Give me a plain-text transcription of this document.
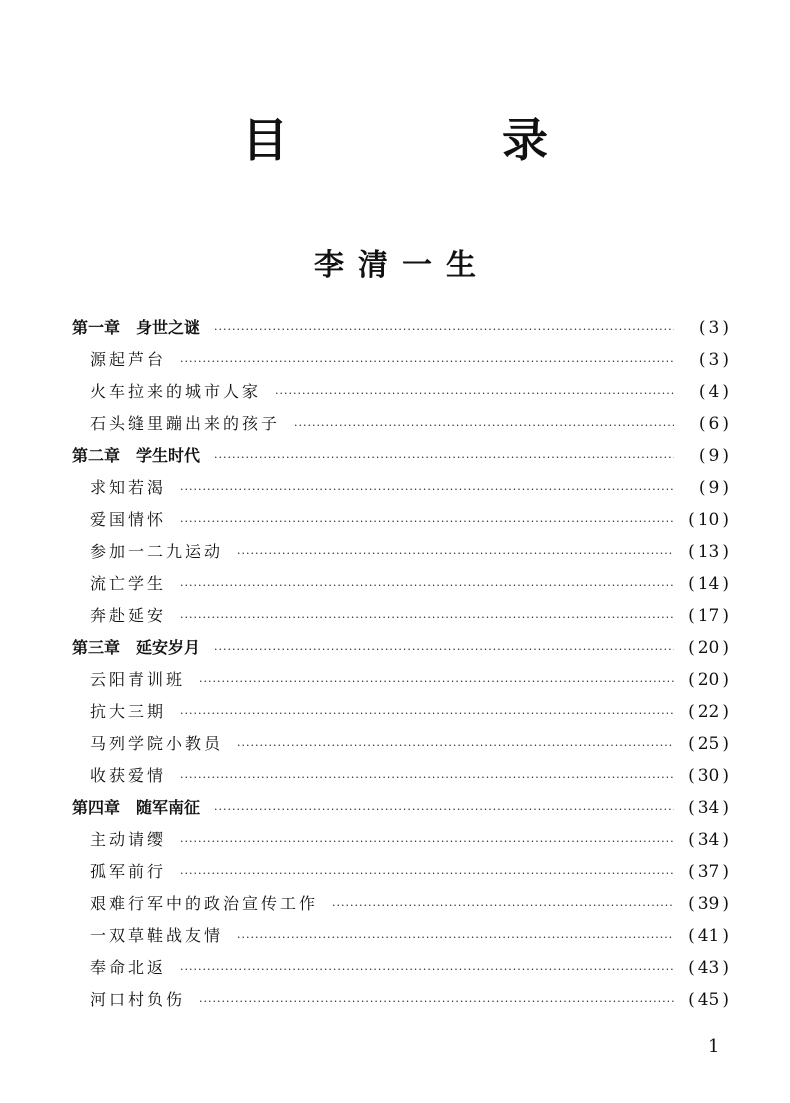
目　录
李清一生
第一章　身世之谜 ·····	( 3 )
源起芦台 ·····	( 3 )
火车拉来的城市人家 ·····	( 4 )
石头缝里蹦出来的孩子 ·····	( 6 )
第二章　学生时代 ·····	( 9 )
求知若渴 ·····	( 9 )
爱国情怀 ·····	( 10 )
参加一二九运动 ·····	( 13 )
流亡学生 ·····	( 14 )
奔赴延安 ·····	( 17 )
第三章　延安岁月 ·····	( 20 )
云阳青训班 ·····	( 20 )
抗大三期 ·····	( 22 )
马列学院小教员 ·····	( 25 )
收获爱情 ·····	( 30 )
第四章　随军南征 ·····	( 34 )
主动请缨 ·····	( 34 )
孤军前行 ·····	( 37 )
艰难行军中的政治宣传工作 ·····	( 39 )
一双草鞋战友情 ·····	( 41 )
奉命北返 ·····	( 43 )
河口村负伤 ·····	( 45 )
1
